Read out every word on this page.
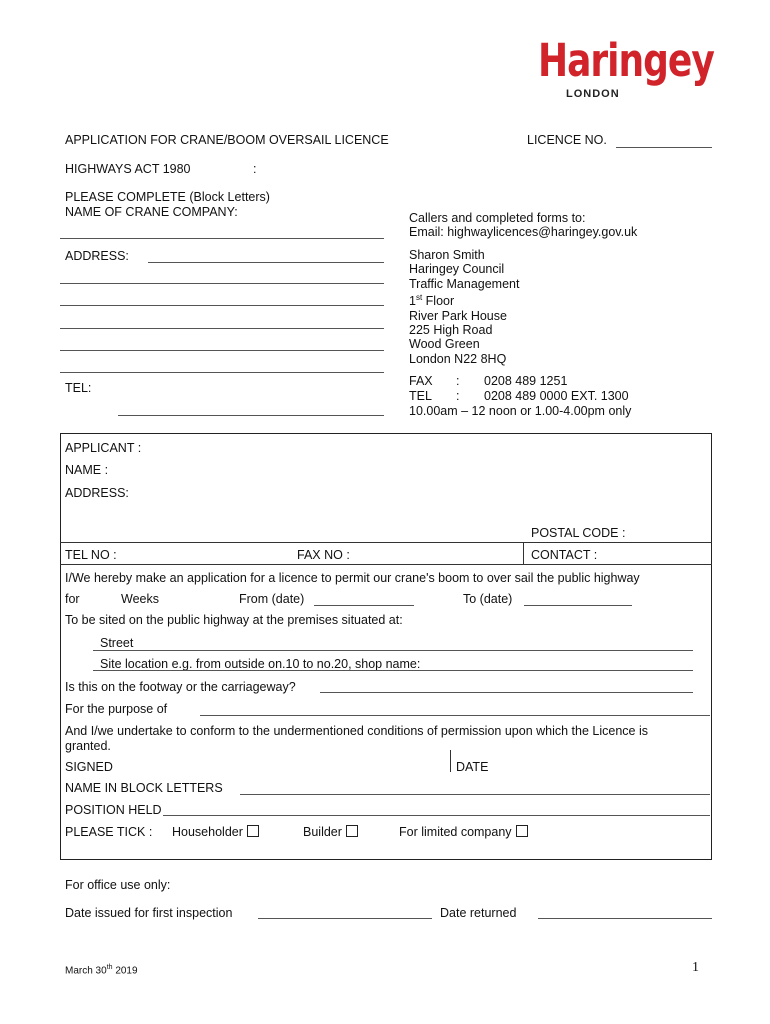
Haringey
LONDON
APPLICATION FOR CRANE/BOOM OVERSAIL LICENCE	LICENCE NO.
HIGHWAYS ACT 1980	:
PLEASE COMPLETE (Block Letters)
NAME OF CRANE COMPANY:
ADDRESS:
TEL:
Callers and completed forms to:
Email: highwaylicences@haringey.gov.uk
Sharon Smith
Haringey Council
Traffic Management
1st Floor
River Park House
225 High Road
Wood Green
London N22 8HQ
FAX : 0208 489 1251
TEL : 0208 489 0000 EXT. 1300
10.00am – 12 noon or 1.00-4.00pm only
APPLICANT :
NAME :
ADDRESS:
POSTAL CODE :
TEL NO :	FAX NO :	CONTACT :
I/We hereby make an application for a licence to permit our crane's boom to over sail the public highway
for	Weeks	From (date)	To (date)
To be sited on the public highway at the premises situated at:
Street
Site location e.g. from outside on.10 to no.20, shop name:
Is this on the footway or the carriageway?
For the purpose of
And I/we undertake to conform to the undermentioned conditions of permission upon which the Licence is granted.
SIGNED	DATE
NAME IN BLOCK LETTERS
POSITION HELD
PLEASE TICK : Householder	Builder	For limited company
For office use only:
Date issued for first inspection	Date returned
March 30th 2019	1
